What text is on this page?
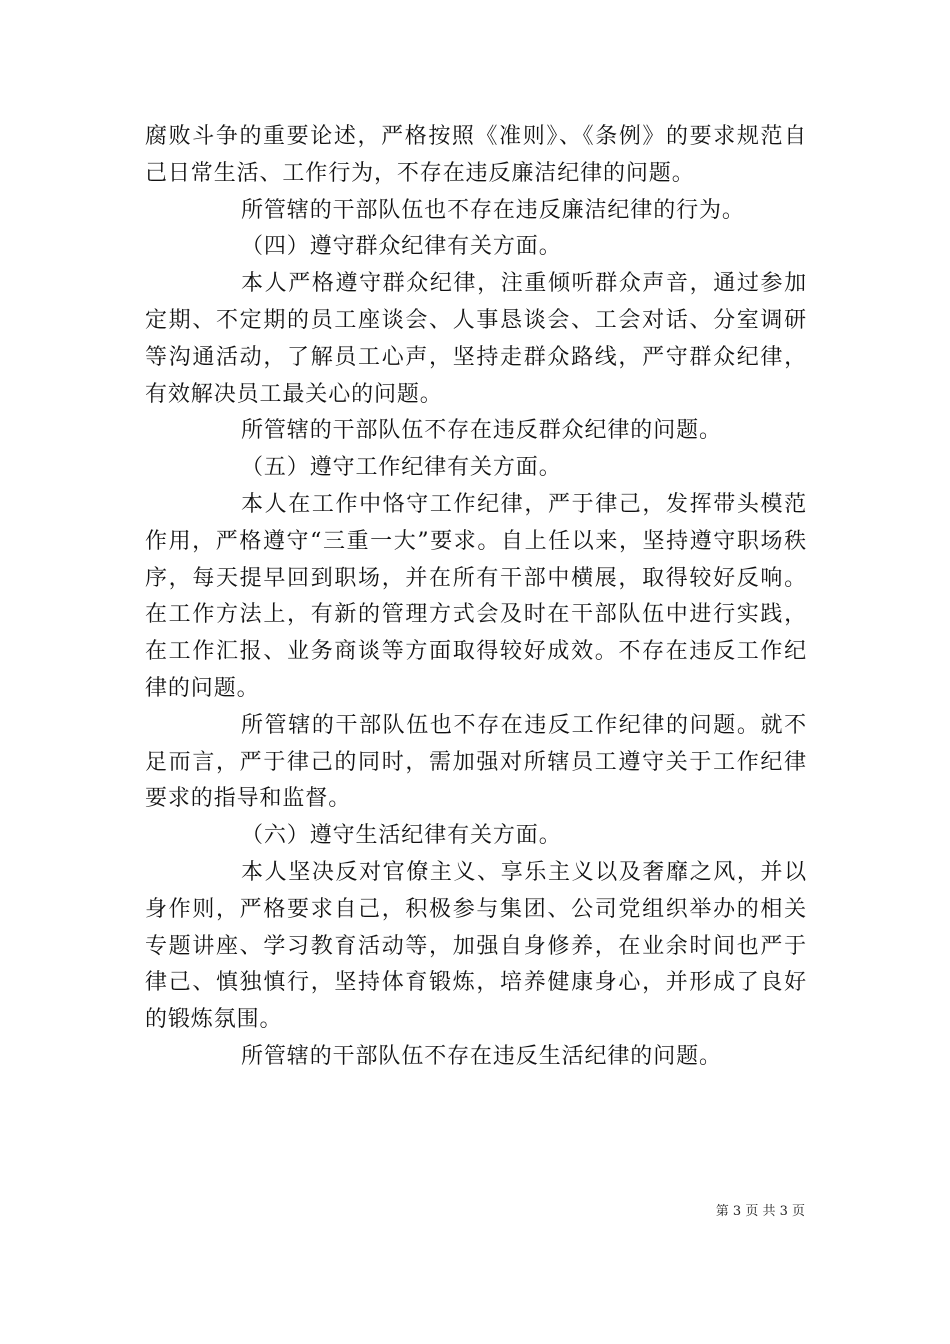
腐败斗争的重要论述，严格按照《准则》、《条例》的要求规范自己日常生活、工作行为，不存在违反廉洁纪律的问题。

所管辖的干部队伍也不存在违反廉洁纪律的行为。

（四）遵守群众纪律有关方面。

本人严格遵守群众纪律，注重倾听群众声音，通过参加定期、不定期的员工座谈会、人事恳谈会、工会对话、分室调研等沟通活动，了解员工心声，坚持走群众路线，严守群众纪律，有效解决员工最关心的问题。

所管辖的干部队伍不存在违反群众纪律的问题。

（五）遵守工作纪律有关方面。

本人在工作中恪守工作纪律，严于律己，发挥带头模范作用，严格遵守“三重一大”要求。自上任以来，坚持遵守职场秩序，每天提早回到职场，并在所有干部中横展，取得较好反响。在工作方法上，有新的管理方式会及时在干部队伍中进行实践，在工作汇报、业务商谈等方面取得较好成效。不存在违反工作纪律的问题。

所管辖的干部队伍也不存在违反工作纪律的问题。就不足而言，严于律己的同时，需加强对所辖员工遵守关于工作纪律要求的指导和监督。

（六）遵守生活纪律有关方面。

本人坚决反对官僚主义、享乐主义以及奢靡之风，并以身作则，严格要求自己，积极参与集团、公司党组织举办的相关专题讲座、学习教育活动等，加强自身修养，在业余时间也严于律己、慎独慎行，坚持体育锻炼，培养健康身心，并形成了良好的锻炼氛围。

所管辖的干部队伍不存在违反生活纪律的问题。

第 3 页 共 3 页
